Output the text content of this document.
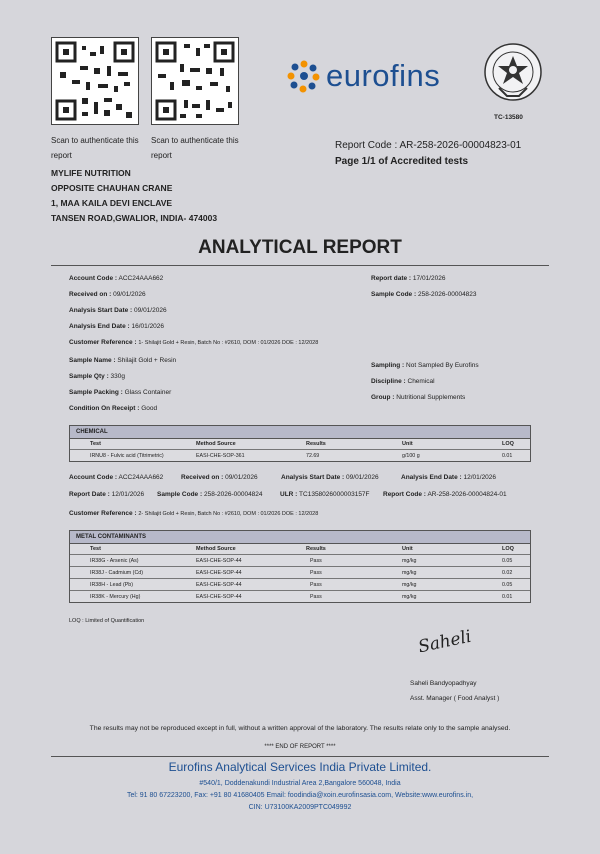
Scan to authenticate this
report
Scan to authenticate this
report
eurofins
TC-13580
Report Code : AR-258-2026-00004823-01
Page 1/1 of Accredited tests
MYLIFE NUTRITION
OPPOSITE CHAUHAN CRANE
1, MAA KAILA DEVI ENCLAVE
TANSEN ROAD,GWALIOR, INDIA- 474003
ANALYTICAL REPORT
Account Code : ACC24AAA662	Report date : 17/01/2026
Received on : 09/01/2026	Sample Code : 258-2026-00004823
Analysis Start Date : 09/01/2026
Analysis End Date : 16/01/2026
Customer Reference : 1- Shilajit Gold + Resin, Batch No : #2610, DOM : 01/2026 DOE : 12/2028
Sample Name : Shilajit Gold + Resin
Sampling : Not Sampled By Eurofins
Sample Qty : 330g
Discipline : Chemical
Sample Packing : Glass Container
Group : Nutritional Supplements
Condition On Receipt : Good
CHEMICAL
Test	Method Source	Results	Unit	LOQ
IRNU8 - Fulvic acid (Titrimetric)	EASI-CHE-SOP-361	72.69	g/100 g	0.01
Account Code : ACC24AAA662	Received on : 09/01/2026	Analysis Start Date : 09/01/2026	Analysis End Date : 12/01/2026
Report Date : 12/01/2026 Sample Code : 258-2026-00004824	ULR : TC1358026000003157F Report Code : AR-258-2026-00004824-01
Customer Reference : 2- Shilajit Gold + Resin, Batch No : #2610, DOM : 01/2026 DOE : 12/2028
METAL CONTAMINANTS
Test	Method Source	Results	Unit	LOQ
IR38G - Arsenic (As)	EASI-CHE-SOP-44	Pass	mg/kg	0.05
IR38J - Cadmium (Cd)	EASI-CHE-SOP-44	Pass	mg/kg	0.02
IR38H - Lead (Pb)	EASI-CHE-SOP-44	Pass	mg/kg	0.05
IR38K - Mercury (Hg)	EASI-CHE-SOP-44	Pass	mg/kg	0.01
LOQ : Limited of Quantification
Saheli
Saheli Bandyopadhyay
Asst. Manager ( Food Analyst )
The results may not be reproduced except in full, without a written approval of the laboratory. The results relate only to the sample analysed.
**** END OF REPORT ****
Eurofins Analytical Services India Private Limited.
#540/1, Doddenakundi Industrial Area 2,Bangalore 560048, India
Tel: 91 80 67223200, Fax: +91 80 41680405 Email: foodindia@xoin.eurofinsasia.com, Website:www.eurofins.in,
CIN: U73100KA2009PTC049992
